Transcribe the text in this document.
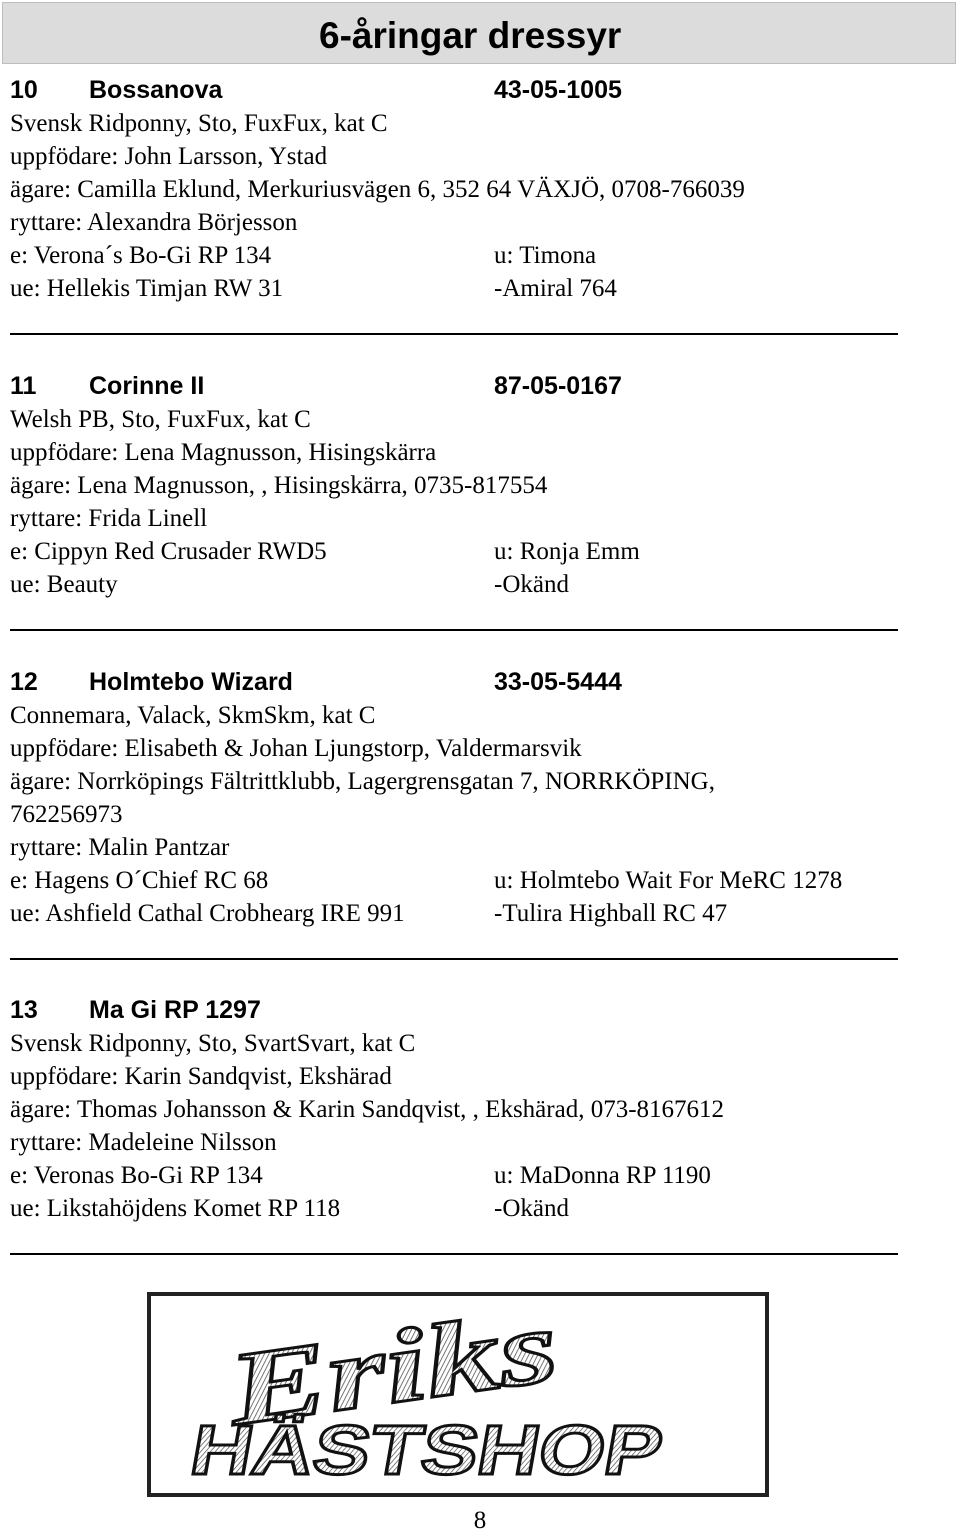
6-åringar dressyr
10 Bossanova	43-05-1005
Svensk Ridponny, Sto, FuxFux, kat C
uppfödare: John Larsson, Ystad
ägare: Camilla Eklund, Merkuriusvägen 6, 352 64 VÄXJÖ, 0708-766039
ryttare: Alexandra Börjesson
e: Verona´s Bo-Gi RP 134	u: Timona
ue: Hellekis Timjan RW 31	-Amiral 764
11 Corinne II	87-05-0167
Welsh PB, Sto, FuxFux, kat C
uppfödare: Lena Magnusson, Hisingskärra
ägare: Lena Magnusson, , Hisingskärra, 0735-817554
ryttare: Frida Linell
e: Cippyn Red Crusader RWD5	u: Ronja Emm
ue: Beauty	-Okänd
12 Holmtebo Wizard	33-05-5444
Connemara, Valack, SkmSkm, kat C
uppfödare: Elisabeth & Johan Ljungstorp, Valdermarsvik
ägare: Norrköpings Fältrittklubb, Lagergrensgatan 7, NORRKÖPING,
762256973
ryttare: Malin Pantzar
e: Hagens O´Chief RC 68	u: Holmtebo Wait For MeRC 1278
ue: Ashfield Cathal Crobhearg IRE 991	-Tulira Highball RC 47
13 Ma Gi RP 1297
Svensk Ridponny, Sto, SvartSvart, kat C
uppfödare: Karin Sandqvist, Ekshärad
ägare: Thomas Johansson & Karin Sandqvist, , Ekshärad, 073-8167612
ryttare: Madeleine Nilsson
e: Veronas Bo-Gi RP 134	u: MaDonna RP 1190
ue: Likstahöjdens Komet RP 118	-Okänd
Eriks
HÄSTSHOP
8
